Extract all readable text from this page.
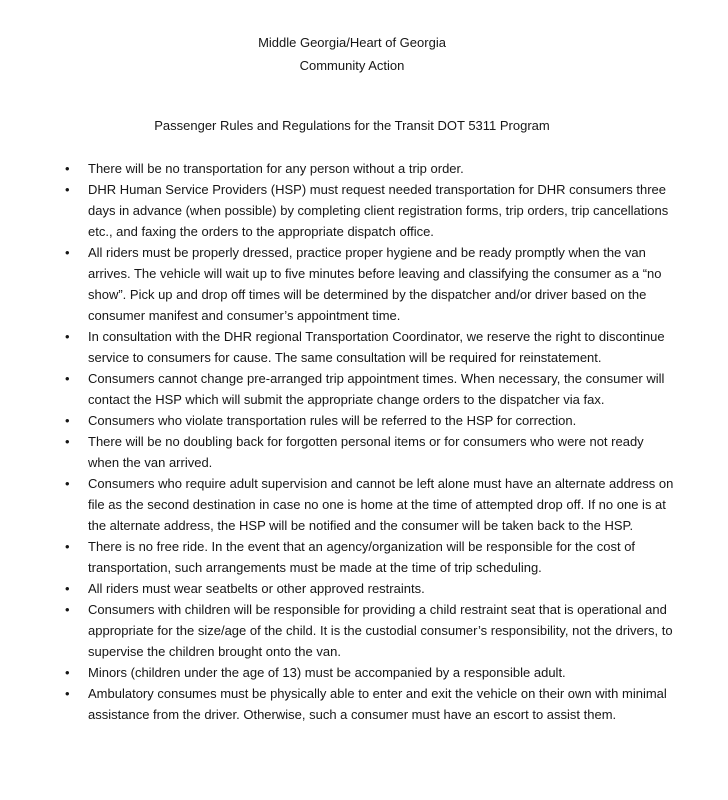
Middle Georgia/Heart of Georgia
Community Action
Passenger Rules and Regulations for the Transit DOT 5311 Program
• There will be no transportation for any person without a trip order.
• DHR Human Service Providers (HSP) must request needed transportation for DHR consumers three days in advance (when possible) by completing client registration forms, trip orders, trip cancellations etc., and faxing the orders to the appropriate dispatch office.
• All riders must be properly dressed, practice proper hygiene and be ready promptly when the van arrives. The vehicle will wait up to five minutes before leaving and classifying the consumer as a “no show”. Pick up and drop off times will be determined by the dispatcher and/or driver based on the consumer manifest and consumer’s appointment time.
• In consultation with the DHR regional Transportation Coordinator, we reserve the right to discontinue service to consumers for cause. The same consultation will be required for reinstatement.
• Consumers cannot change pre-arranged trip appointment times. When necessary, the consumer will contact the HSP which will submit the appropriate change orders to the dispatcher via fax.
• Consumers who violate transportation rules will be referred to the HSP for correction.
• There will be no doubling back for forgotten personal items or for consumers who were not ready when the van arrived.
• Consumers who require adult supervision and cannot be left alone must have an alternate address on file as the second destination in case no one is home at the time of attempted drop off. If no one is at the alternate address, the HSP will be notified and the consumer will be taken back to the HSP.
• There is no free ride. In the event that an agency/organization will be responsible for the cost of transportation, such arrangements must be made at the time of trip scheduling.
• All riders must wear seatbelts or other approved restraints.
• Consumers with children will be responsible for providing a child restraint seat that is operational and appropriate for the size/age of the child. It is the custodial consumer’s responsibility, not the drivers, to supervise the children brought onto the van.
• Minors (children under the age of 13) must be accompanied by a responsible adult.
• Ambulatory consumes must be physically able to enter and exit the vehicle on their own with minimal assistance from the driver. Otherwise, such a consumer must have an escort to assist them.
